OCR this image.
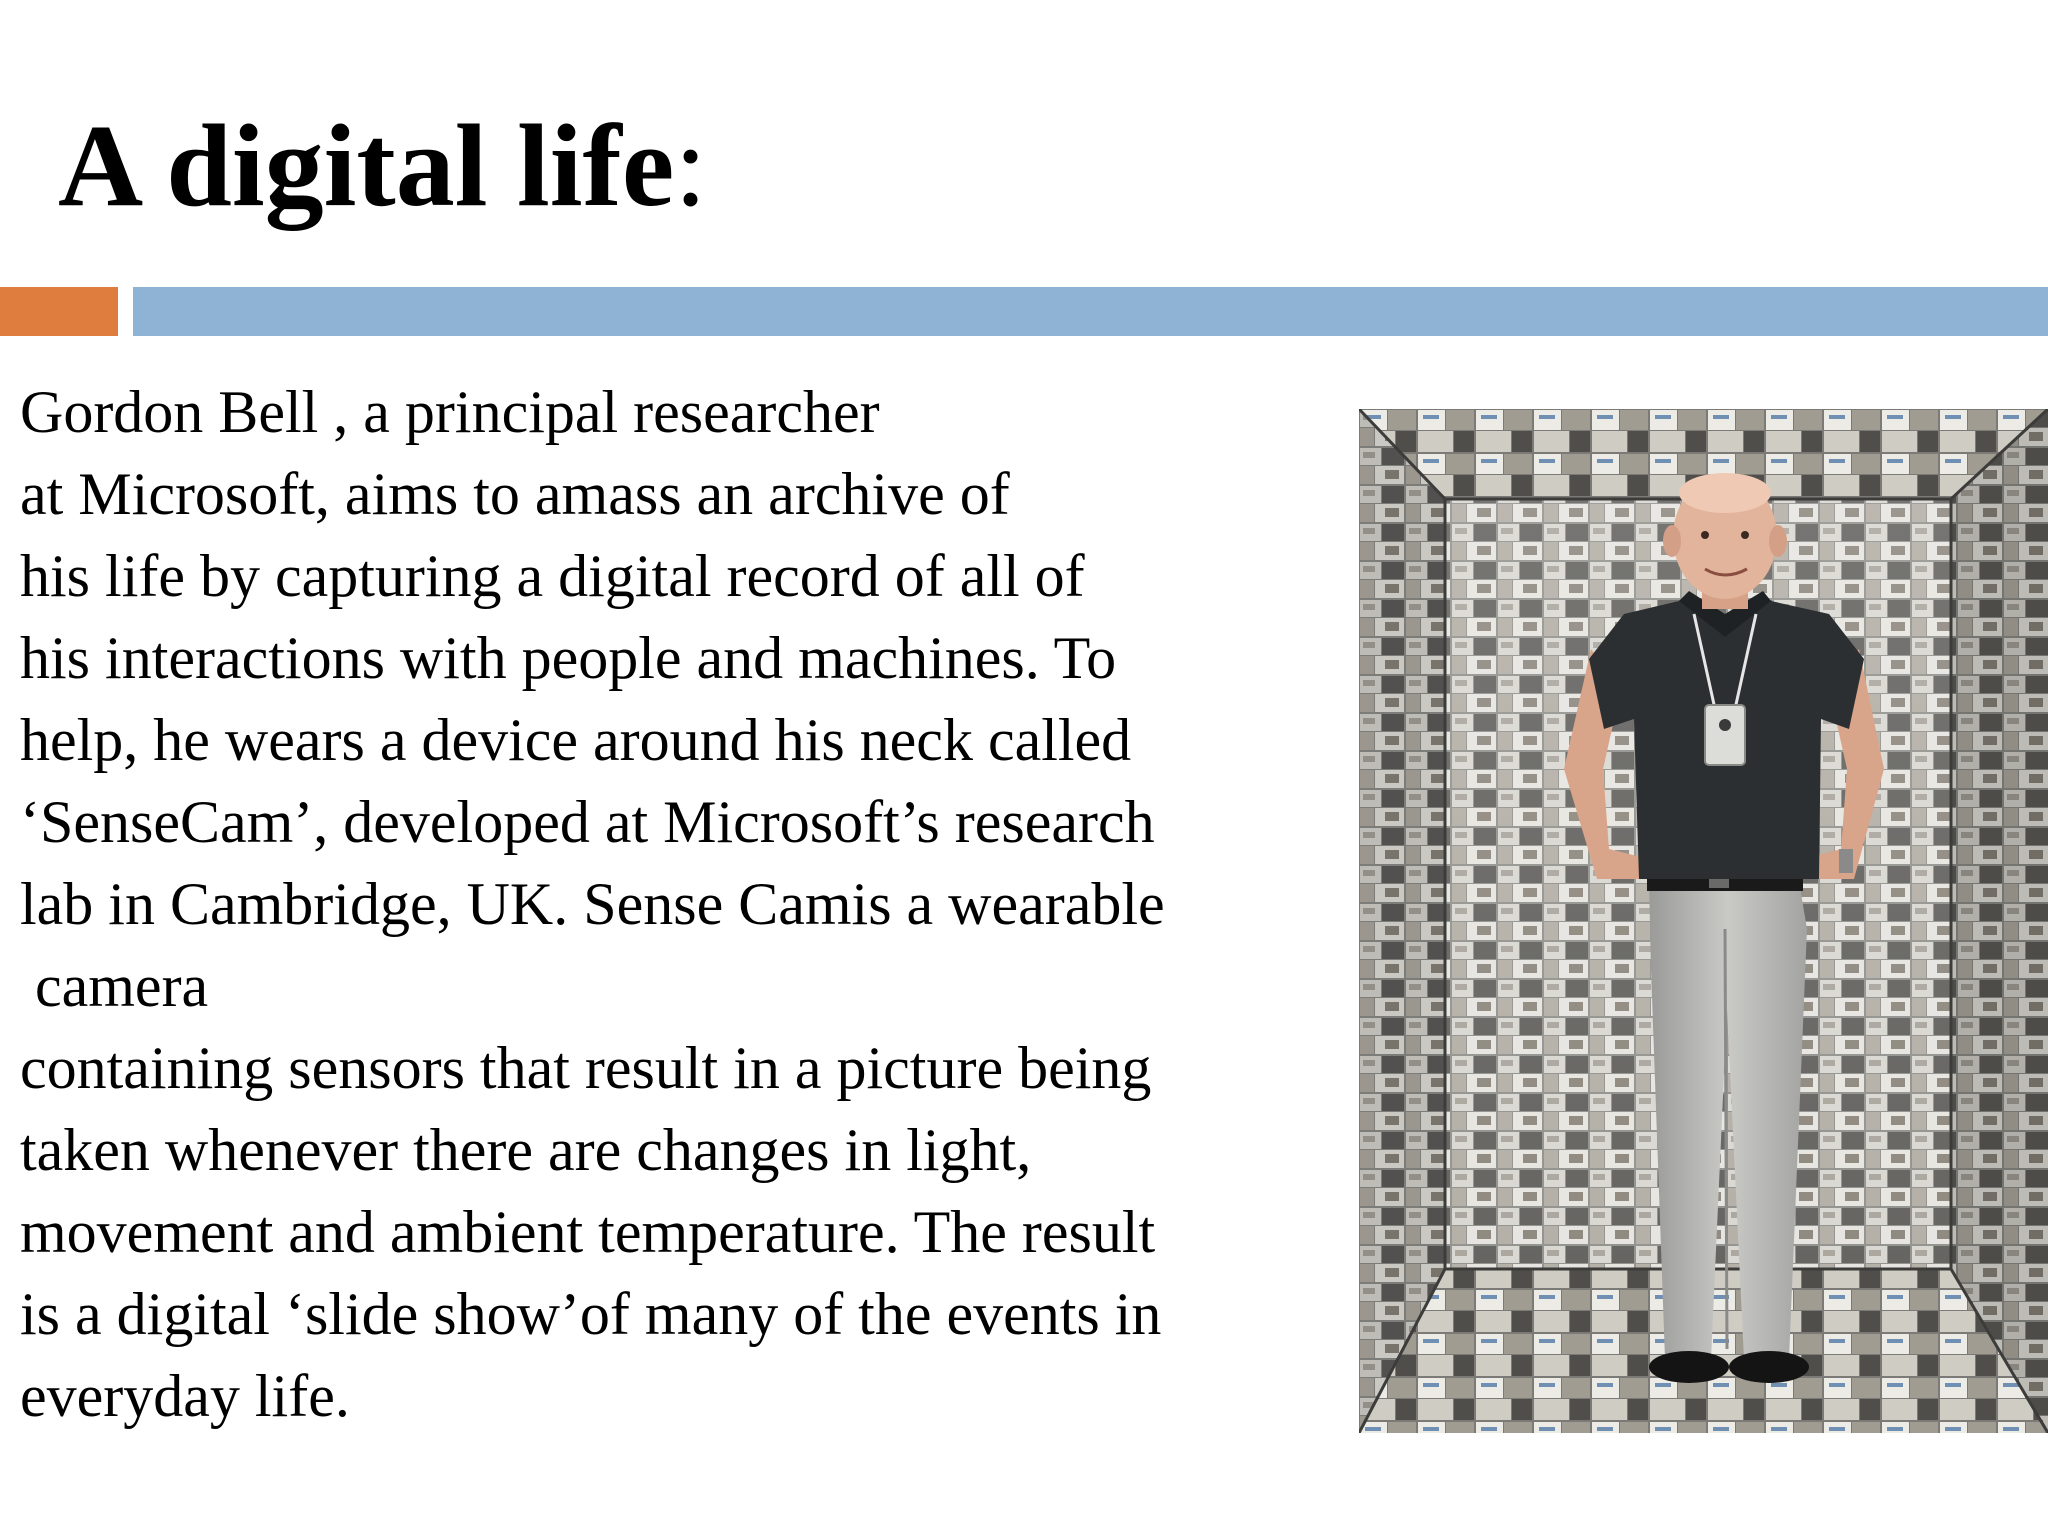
A digital life:
Gordon Bell , a principal researcher
at Microsoft, aims to amass an archive of
his life by capturing a digital record of all of
his interactions with people and machines. To
help, he wears a device around his neck called
‘SenseCam’, developed at Microsoft’s research
lab in Cambridge, UK. Sense Camis a wearable
camera
containing sensors that result in a picture being
taken whenever there are changes in light,
movement and ambient temperature. The result
is a digital ‘slide show’of many of the events in
everyday life.
